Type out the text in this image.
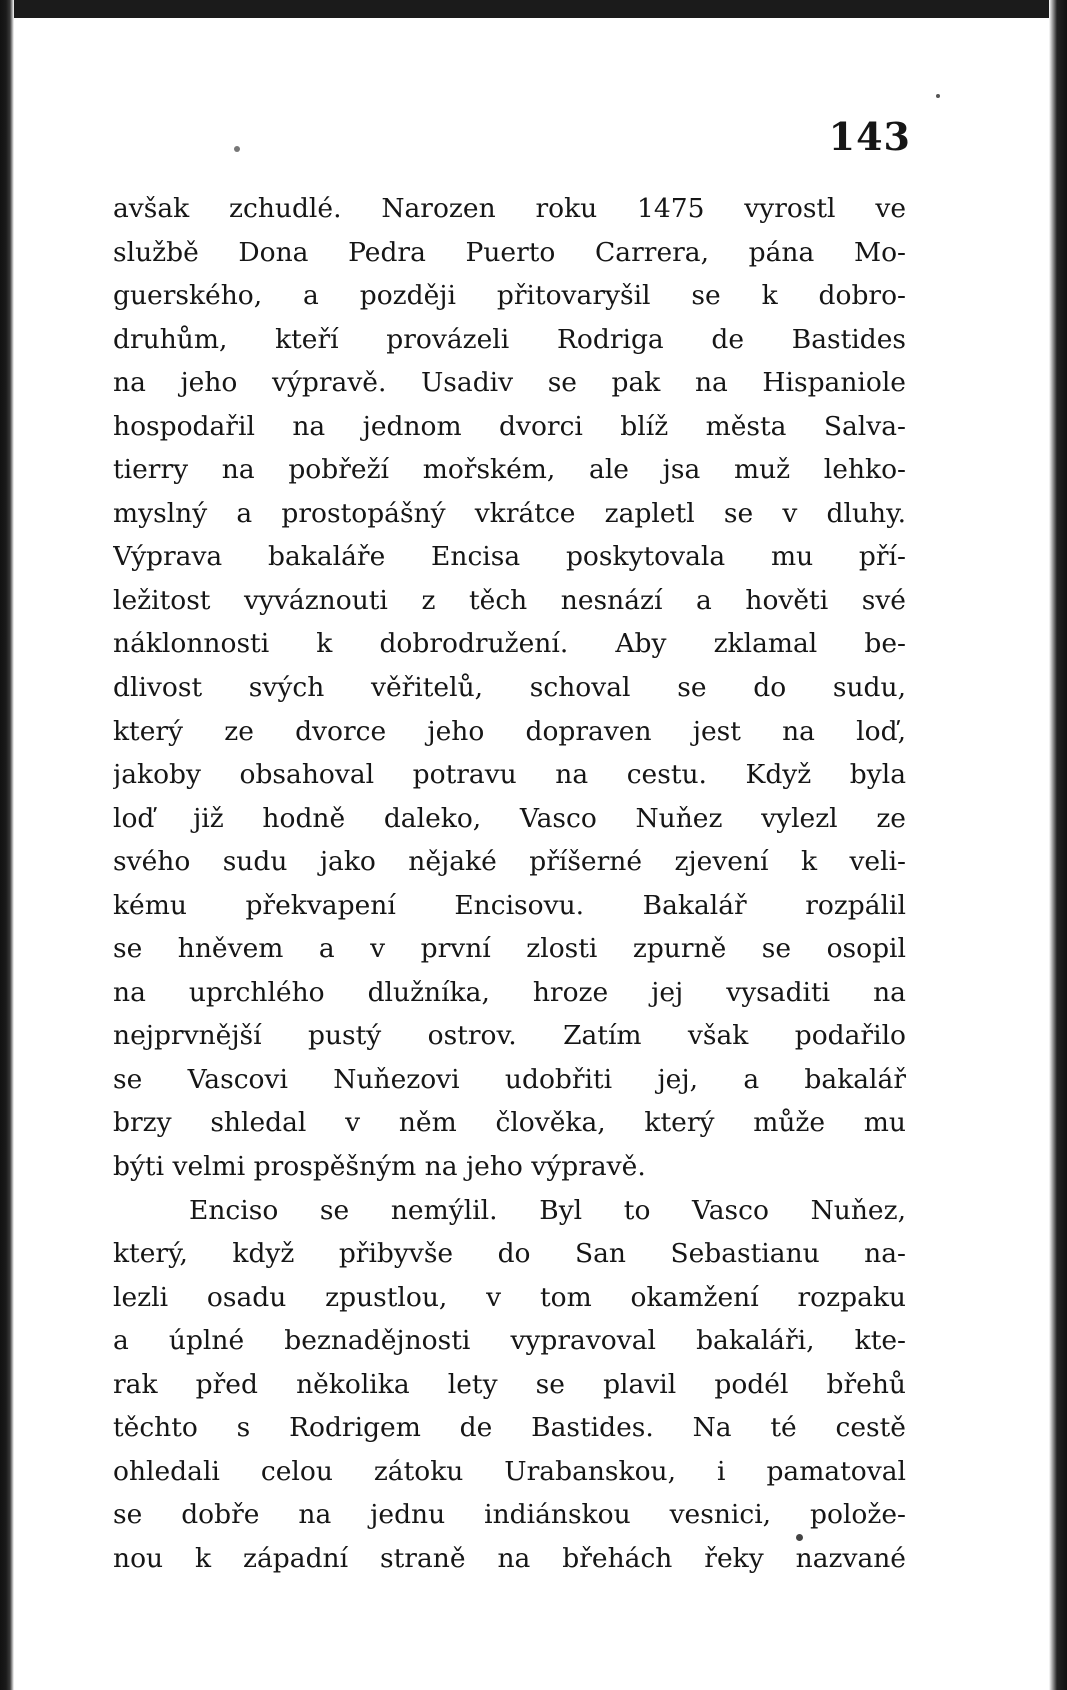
143
avšak zchudlé. Narozen roku 1475 vyrostl ve
službě Dona Pedra Puerto Carrera, pána Mo-
guerského, a později přitovaryšil se k dobro-
druhům, kteří provázeli Rodriga de Bastides
na jeho výpravě. Usadiv se pak na Hispaniole
hospodařil na jednom dvorci blíž města Salva-
tierry na pobřeží mořském, ale jsa muž lehko-
myslný a prostopášný vkrátce zapletl se v dluhy.
Výprava bakaláře Encisa poskytovala mu pří-
ležitost vyváznouti z těch nesnází a hověti své
náklonnosti k dobrodružení. Aby zklamal be-
dlivost svých věřitelů, schoval se do sudu,
který ze dvorce jeho dopraven jest na loď,
jakoby obsahoval potravu na cestu. Když byla
loď již hodně daleko, Vasco Nuňez vylezl ze
svého sudu jako nějaké příšerné zjevení k veli-
kému překvapení Encisovu. Bakalář rozpálil
se hněvem a v první zlosti zpurně se osopil
na uprchlého dlužníka, hroze jej vysaditi na
nejprvnější pustý ostrov. Zatím však podařilo
se Vascovi Nuňezovi udobřiti jej, a bakalář
brzy shledal v něm člověka, který může mu
býti velmi prospěšným na jeho výpravě.
Enciso se nemýlil. Byl to Vasco Nuňez,
který, když přibyvše do San Sebastianu na-
lezli osadu zpustlou, v tom okamžení rozpaku
a úplné beznadějnosti vypravoval bakaláři, kte-
rak před několika lety se plavil podél břehů
těchto s Rodrigem de Bastides. Na té cestě
ohledali celou zátoku Urabanskou, i pamatoval
se dobře na jednu indiánskou vesnici, polože-
nou k západní straně na břehách řeky nazvané
